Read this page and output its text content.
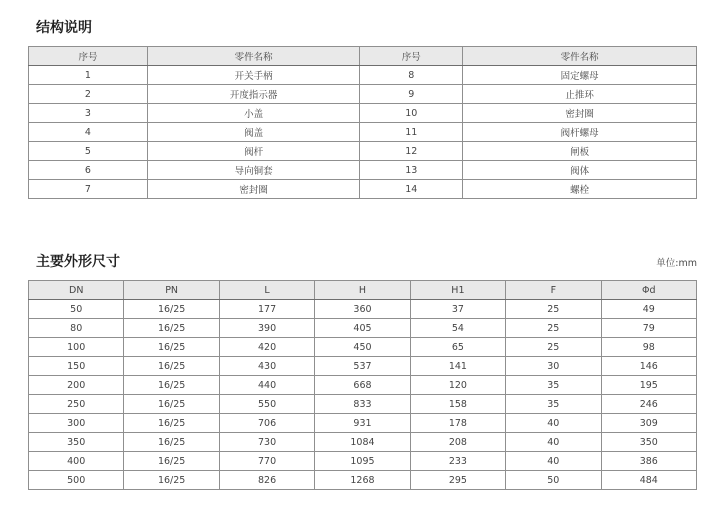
结构说明
序号	零件名称	序号	零件名称
1	开关手柄	8	固定螺母
2	开度指示器	9	止推环
3	小盖	10	密封圈
4	阀盖	11	阀杆螺母
5	阀杆	12	闸板
6	导向铜套	13	阀体
7	密封圈	14	螺栓
主要外形尺寸	单位:mm
DN	PN	L	H	H1	F	Φd
50	16/25	177	360	37	25	49
80	16/25	390	405	54	25	79
100	16/25	420	450	65	25	98
150	16/25	430	537	141	30	146
200	16/25	440	668	120	35	195
250	16/25	550	833	158	35	246
300	16/25	706	931	178	40	309
350	16/25	730	1084	208	40	350
400	16/25	770	1095	233	40	386
500	16/25	826	1268	295	50	484
